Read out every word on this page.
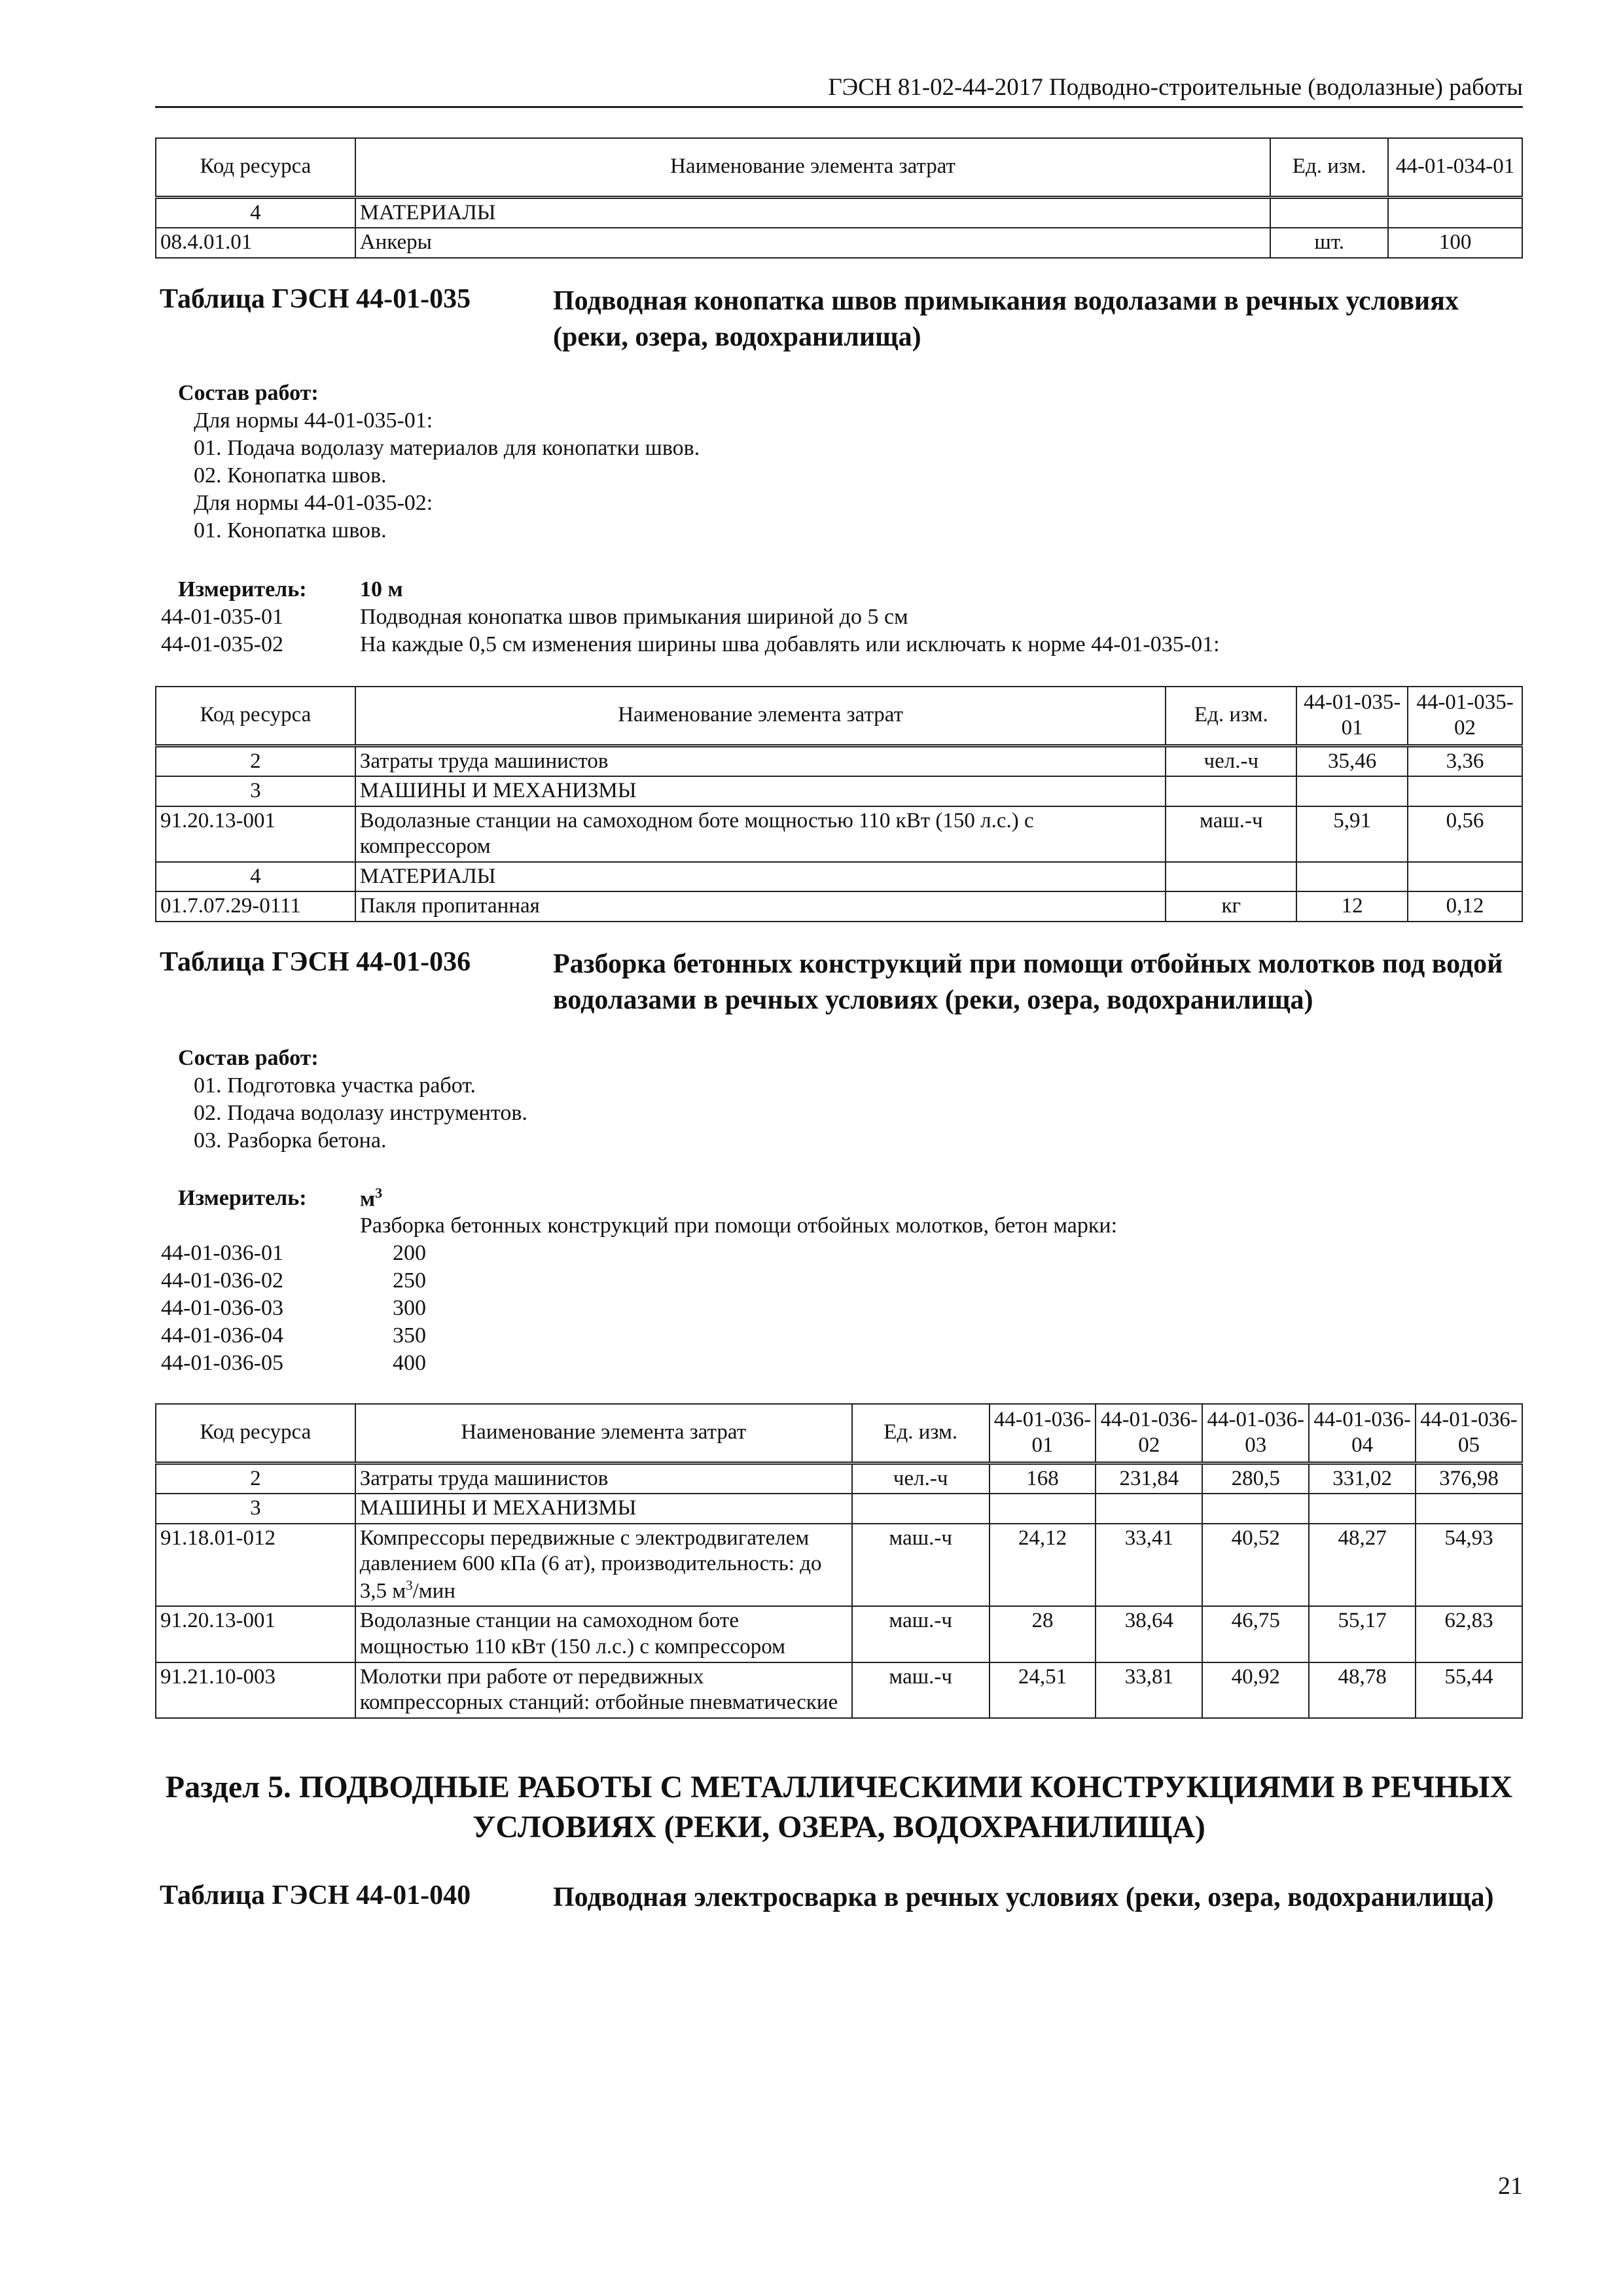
ГЭСН 81-02-44-2017 Подводно-строительные (водолазные) работы
Код ресурса	Наименование элемента затрат	Ед. изм.	44-01-034-01
4	МАТЕРИАЛЫ		
08.4.01.01	Анкеры	шт.	100
Таблица ГЭСН 44-01-035	Подводная конопатка швов примыкания водолазами в речных условиях (реки, озера, водохранилища)
Состав работ:
Для нормы 44-01-035-01:
01. Подача водолазу материалов для конопатки швов.
02. Конопатка швов.
Для нормы 44-01-035-02:
01. Конопатка швов.
Измеритель: 10 м
44-01-035-01	Подводная конопатка швов примыкания шириной до 5 см
44-01-035-02	На каждые 0,5 см изменения ширины шва добавлять или исключать к норме 44-01-035-01:
Код ресурса	Наименование элемента затрат	Ед. изм.	44-01-035-01	44-01-035-02
2	Затраты труда машинистов	чел.-ч	35,46	3,36
3	МАШИНЫ И МЕХАНИЗМЫ			
91.20.13-001	Водолазные станции на самоходном боте мощностью 110 кВт (150 л.с.) с компрессором	маш.-ч	5,91	0,56
4	МАТЕРИАЛЫ			
01.7.07.29-0111	Пакля пропитанная	кг	12	0,12
Таблица ГЭСН 44-01-036	Разборка бетонных конструкций при помощи отбойных молотков под водой водолазами в речных условиях (реки, озера, водохранилища)
Состав работ:
01. Подготовка участка работ.
02. Подача водолазу инструментов.
03. Разборка бетона.
Измеритель: $м^3$
Разборка бетонных конструкций при помощи отбойных молотков, бетон марки:
44-01-036-01	200
44-01-036-02	250
44-01-036-03	300
44-01-036-04	350
44-01-036-05	400
Код ресурса	Наименование элемента затрат	Ед. изм.	44-01-036-01	44-01-036-02	44-01-036-03	44-01-036-04	44-01-036-05
2	Затраты труда машинистов	чел.-ч	168	231,84	280,5	331,02	376,98
3	МАШИНЫ И МЕХАНИЗМЫ						
91.18.01-012	Компрессоры передвижные с электродвигателем давлением 600 кПа (6 ат), производительность: до 3,5 $м^3$/мин	маш.-ч	24,12	33,41	40,52	48,27	54,93
91.20.13-001	Водолазные станции на самоходном боте мощностью 110 кВт (150 л.с.) с компрессором	маш.-ч	28	38,64	46,75	55,17	62,83
91.21.10-003	Молотки при работе от передвижных компрессорных станций: отбойные пневматические	маш.-ч	24,51	33,81	40,92	48,78	55,44
Раздел 5. ПОДВОДНЫЕ РАБОТЫ С МЕТАЛЛИЧЕСКИМИ КОНСТРУКЦИЯМИ В РЕЧНЫХ УСЛОВИЯХ (РЕКИ, ОЗЕРА, ВОДОХРАНИЛИЩА)
Таблица ГЭСН 44-01-040	Подводная электросварка в речных условиях (реки, озера, водохранилища)
21
